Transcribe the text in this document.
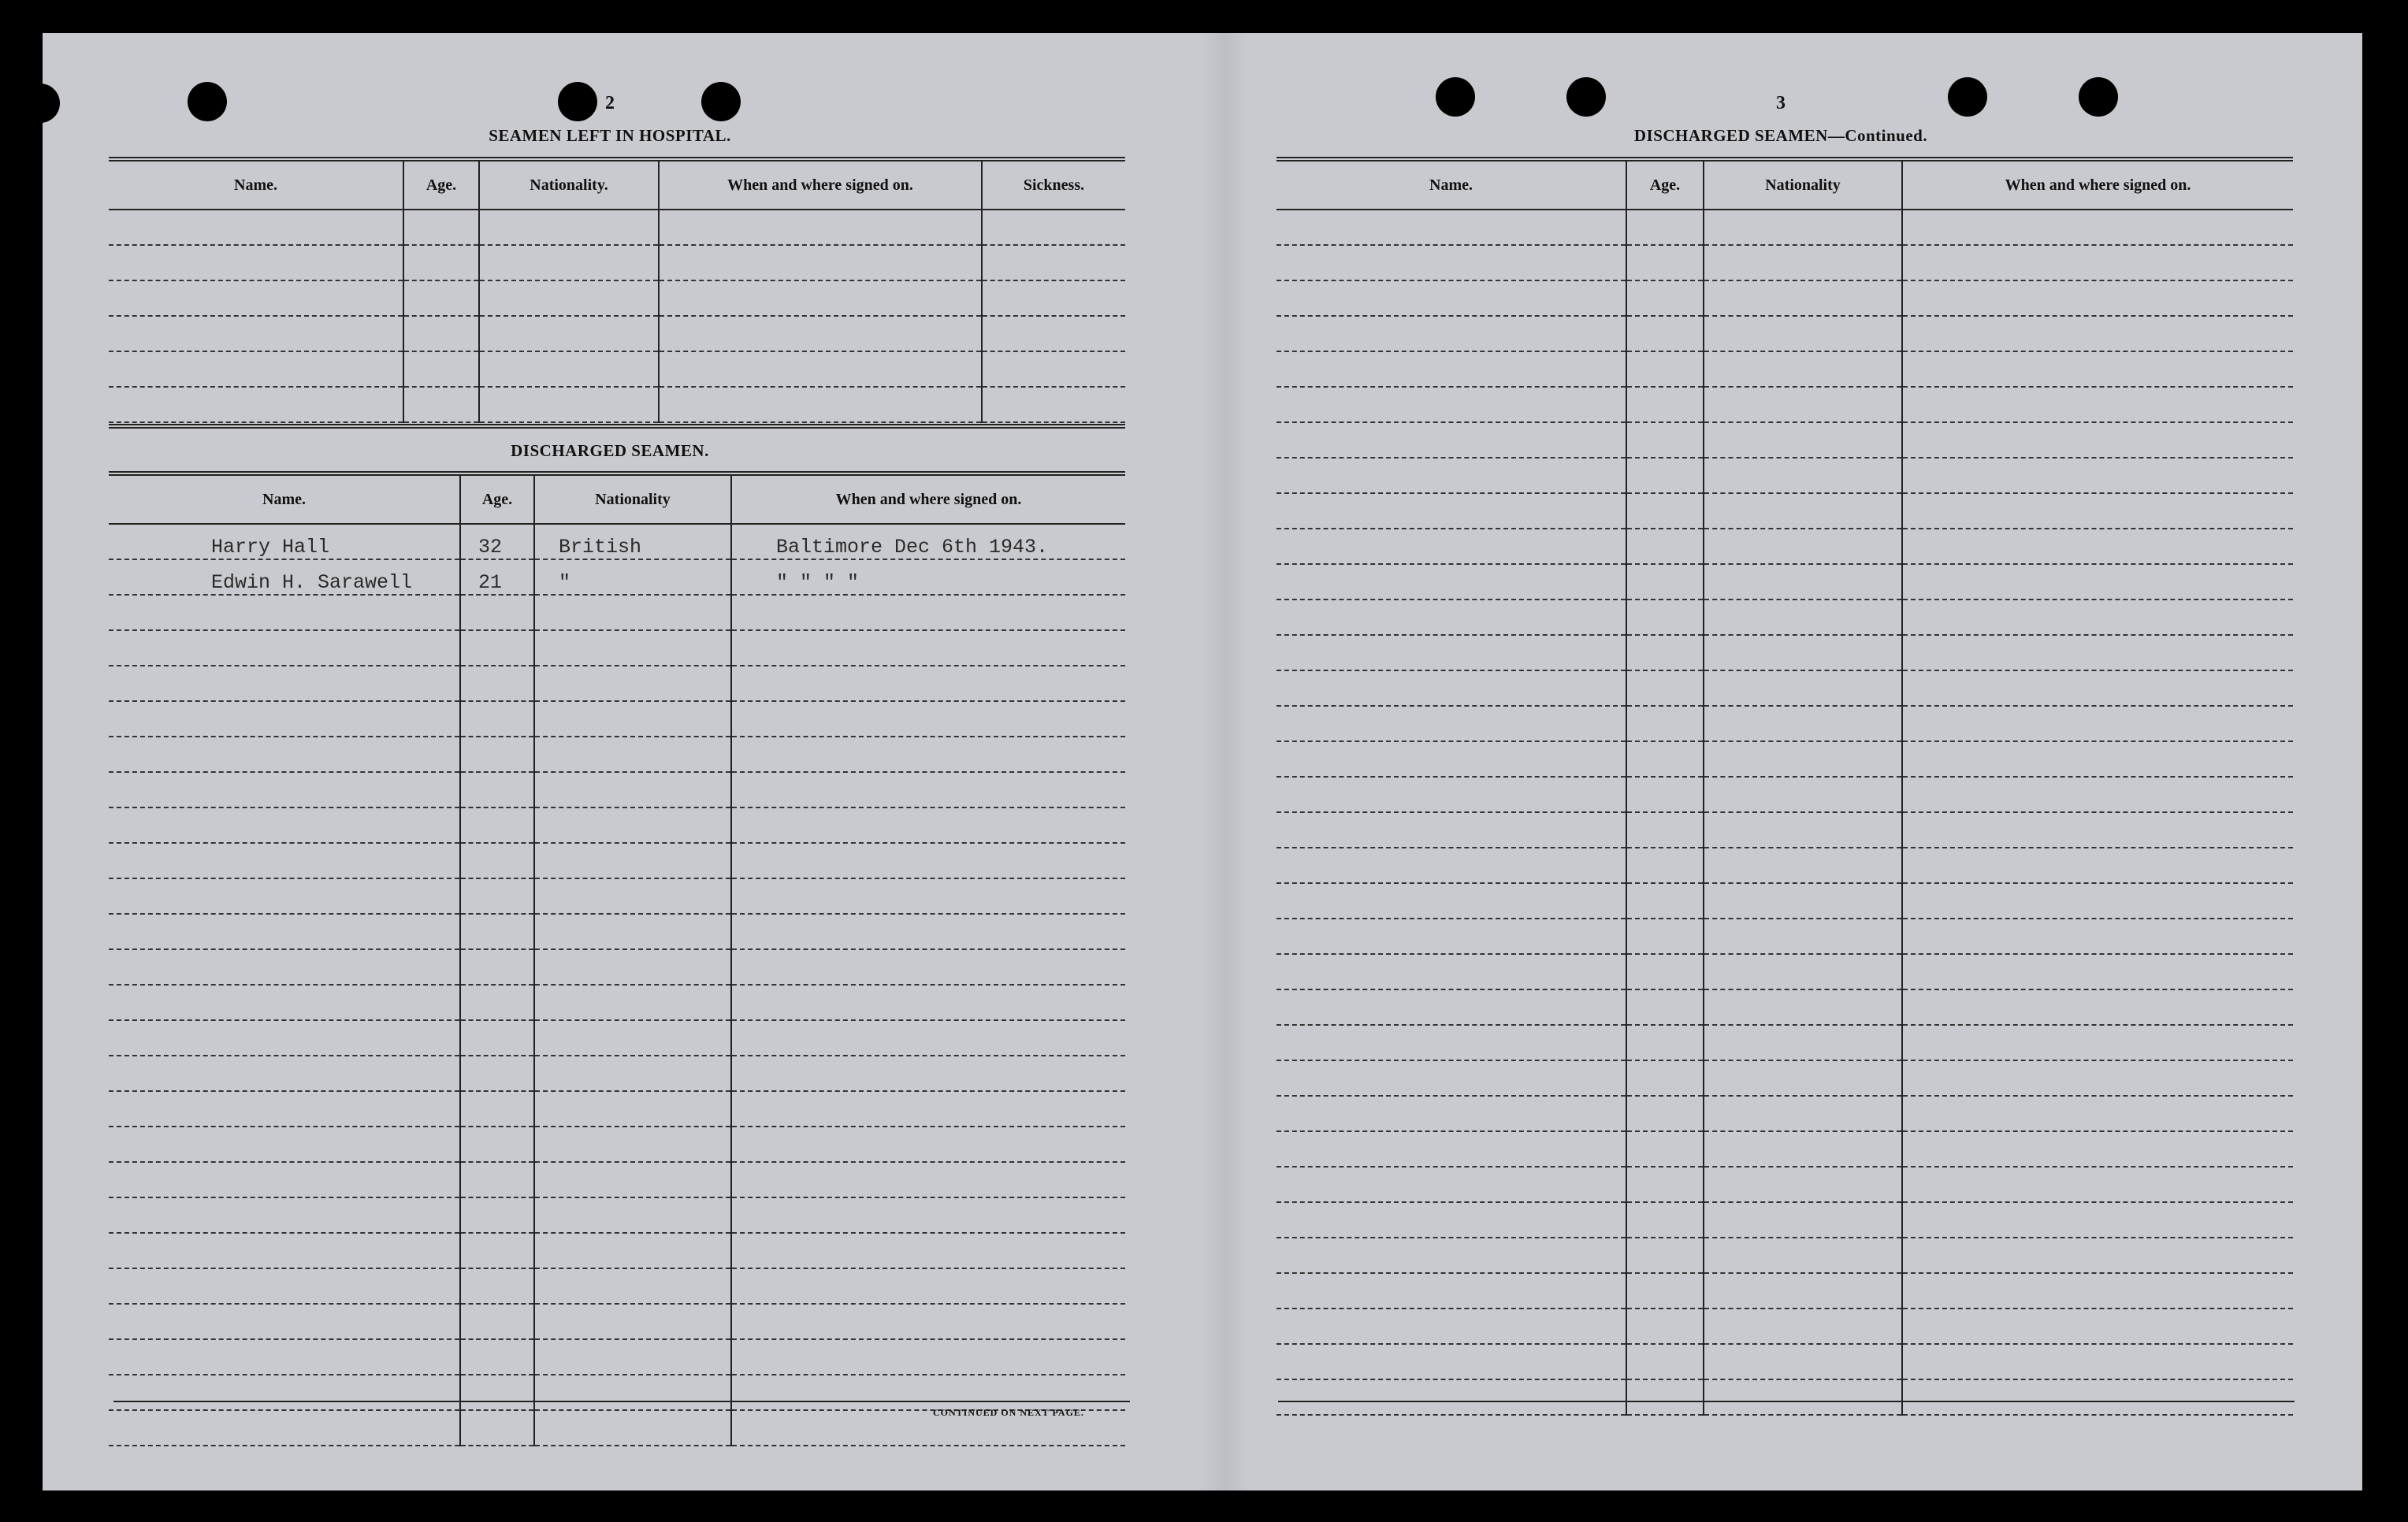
2
SEAMEN LEFT IN HOSPITAL.
Name.	Age.	Nationality.	When and where signed on.	Sickness.

DISCHARGED SEAMEN.
Name.	Age.	Nationality	When and where signed on.
Harry Hall	32	British	Baltimore Dec 6th 1943.
Edwin H. Sarawell	21	"	" " " "

CONTINUED ON NEXT PAGE.
3
DISCHARGED SEAMEN—Continued.
Name.	Age.	Nationality	When and where signed on.
